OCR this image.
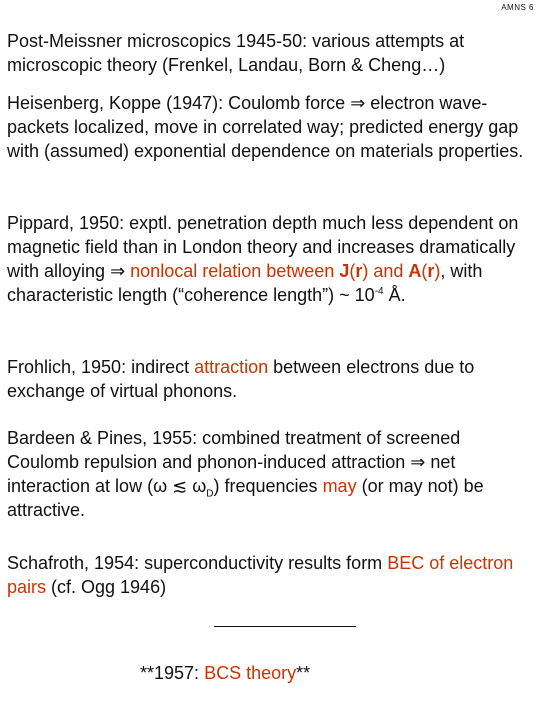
AMNS 6

Post-Meissner microscopics 1945-50: various attempts at microscopic theory (Frenkel, Landau, Born & Cheng…)

Heisenberg, Koppe (1947): Coulomb force ⇒ electron wave-packets localized, move in correlated way; predicted energy gap with (assumed) exponential dependence on materials properties.

Pippard, 1950: exptl. penetration depth much less dependent on magnetic field than in London theory and increases dramatically with alloying ⇒ nonlocal relation between J(r) and A(r), with characteristic length (“coherence length”) ~ $10^{-4}$ Å.

Frohlich, 1950: indirect attraction between electrons due to exchange of virtual phonons.

Bardeen & Pines, 1955: combined treatment of screened Coulomb repulsion and phonon-induced attraction ⇒ net interaction at low (ω ≲ $\omega_D$) frequencies may (or may not) be attractive.

Schafroth, 1954: superconductivity results form BEC of electron pairs (cf. Ogg 1946)

**1957: BCS theory**
